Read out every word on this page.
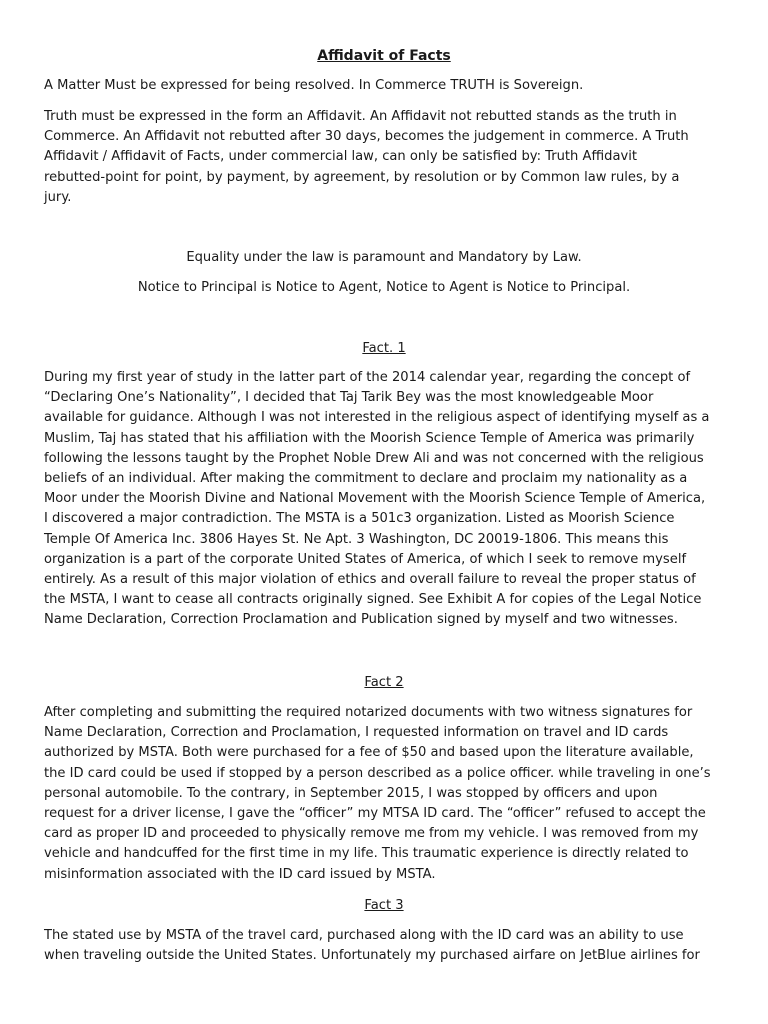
Affidavit of Facts

A Matter Must be expressed for being resolved. In Commerce TRUTH is Sovereign.

Truth must be expressed in the form an Affidavit. An Affidavit not rebutted stands as the truth in
Commerce. An Affidavit not rebutted after 30 days, becomes the judgement in commerce. A Truth
Affidavit / Affidavit of Facts, under commercial law, can only be satisfied by: Truth Affidavit
rebutted-point for point, by payment, by agreement, by resolution or by Common law rules, by a
jury.

Equality under the law is paramount and Mandatory by Law.
Notice to Principal is Notice to Agent, Notice to Agent is Notice to Principal.
Fact. 1

During my first year of study in the latter part of the 2014 calendar year, regarding the concept of
“Declaring One’s Nationality”, I decided that Taj Tarik Bey was the most knowledgeable Moor
available for guidance. Although I was not interested in the religious aspect of identifying myself as a
Muslim, Taj has stated that his affiliation with the Moorish Science Temple of America was primarily
following the lessons taught by the Prophet Noble Drew Ali and was not concerned with the religious
beliefs of an individual. After making the commitment to declare and proclaim my nationality as a
Moor under the Moorish Divine and National Movement with the Moorish Science Temple of America,
I discovered a major contradiction. The MSTA is a 501c3 organization. Listed as Moorish Science
Temple Of America Inc. 3806 Hayes St. Ne Apt. 3 Washington, DC 20019-1806. This means this
organization is a part of the corporate United States of America, of which I seek to remove myself
entirely. As a result of this major violation of ethics and overall failure to reveal the proper status of
the MSTA, I want to cease all contracts originally signed. See Exhibit A for copies of the Legal Notice
Name Declaration, Correction Proclamation and Publication signed by myself and two witnesses.

Fact 2

After completing and submitting the required notarized documents with two witness signatures for
Name Declaration, Correction and Proclamation, I requested information on travel and ID cards
authorized by MSTA. Both were purchased for a fee of $50 and based upon the literature available,
the ID card could be used if stopped by a person described as a police officer. while traveling in one’s
personal automobile. To the contrary, in September 2015, I was stopped by officers and upon
request for a driver license, I gave the “officer” my MTSA ID card. The “officer” refused to accept the
card as proper ID and proceeded to physically remove me from my vehicle. I was removed from my
vehicle and handcuffed for the first time in my life. This traumatic experience is directly related to
misinformation associated with the ID card issued by MSTA.

Fact 3

The stated use by MSTA of the travel card, purchased along with the ID card was an ability to use
when traveling outside the United States. Unfortunately my purchased airfare on JetBlue airlines for
